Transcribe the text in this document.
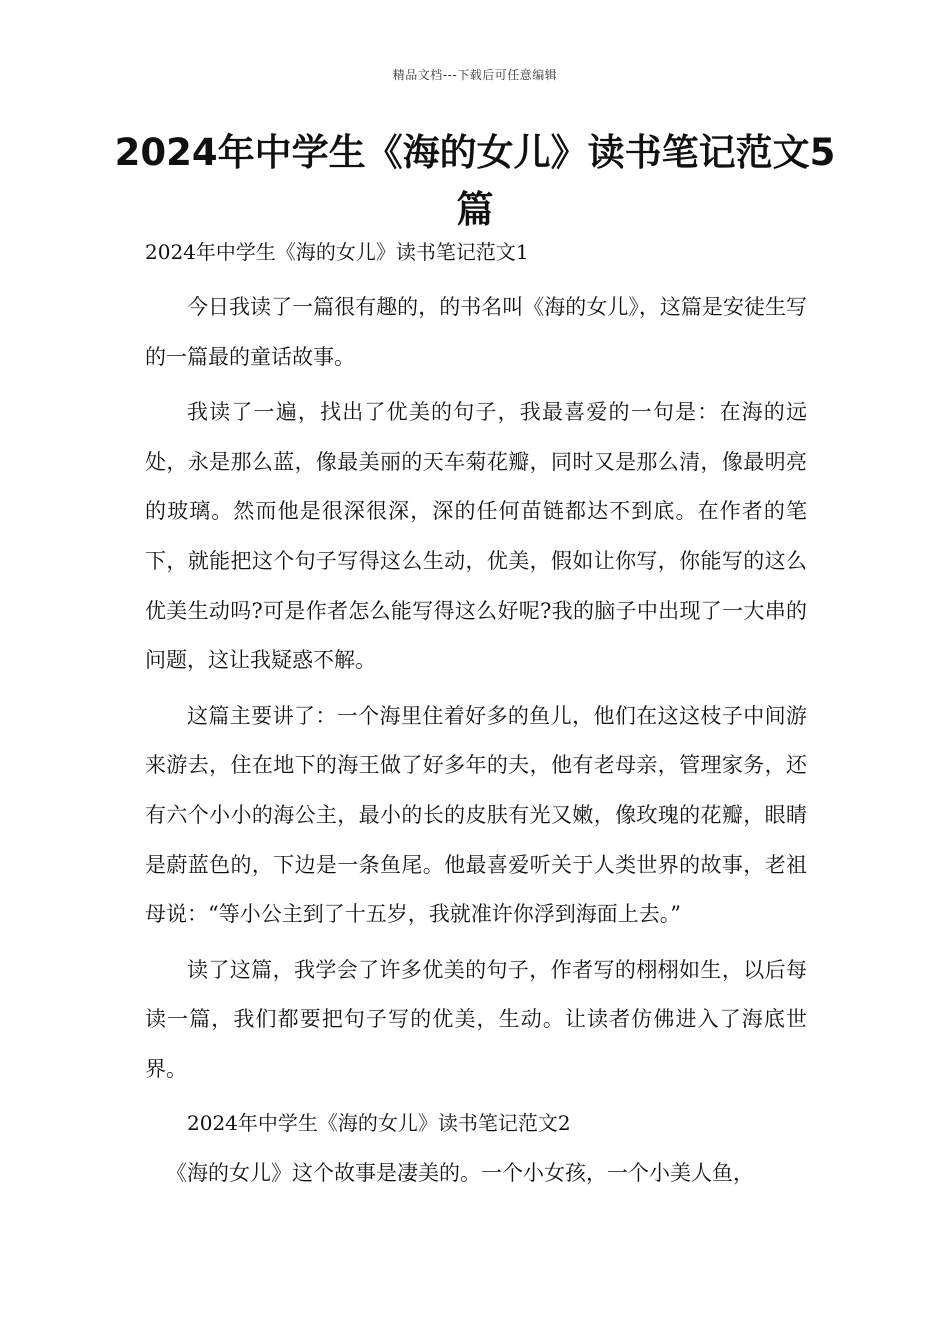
精品文档---下载后可任意编辑
2024年中学生《海的女儿》读书笔记范文5篇

2024年中学生《海的女儿》读书笔记范文1

今日我读了一篇很有趣的，的书名叫《海的女儿》，这篇是安徒生写的一篇最的童话故事。

我读了一遍，找出了优美的句子，我最喜爱的一句是：在海的远处，永是那么蓝，像最美丽的天车菊花瓣，同时又是那么清，像最明亮的玻璃。然而他是很深很深，深的任何苗链都达不到底。在作者的笔下，就能把这个句子写得这么生动，优美，假如让你写，你能写的这么优美生动吗?可是作者怎么能写得这么好呢?我的脑子中出现了一大串的问题，这让我疑惑不解。

这篇主要讲了：一个海里住着好多的鱼儿，他们在这这枝子中间游来游去，住在地下的海王做了好多年的夫，他有老母亲，管理家务，还有六个小小的海公主，最小的长的皮肤有光又嫩，像玫瑰的花瓣，眼睛是蔚蓝色的，下边是一条鱼尾。他最喜爱听关于人类世界的故事，老祖母说：“等小公主到了十五岁，我就准许你浮到海面上去。”

读了这篇，我学会了许多优美的句子，作者写的栩栩如生，以后每读一篇，我们都要把句子写的优美，生动。让读者仿佛进入了海底世界。

2024年中学生《海的女儿》读书笔记范文2

《海的女儿》这个故事是凄美的。一个小女孩，一个小美人鱼，
